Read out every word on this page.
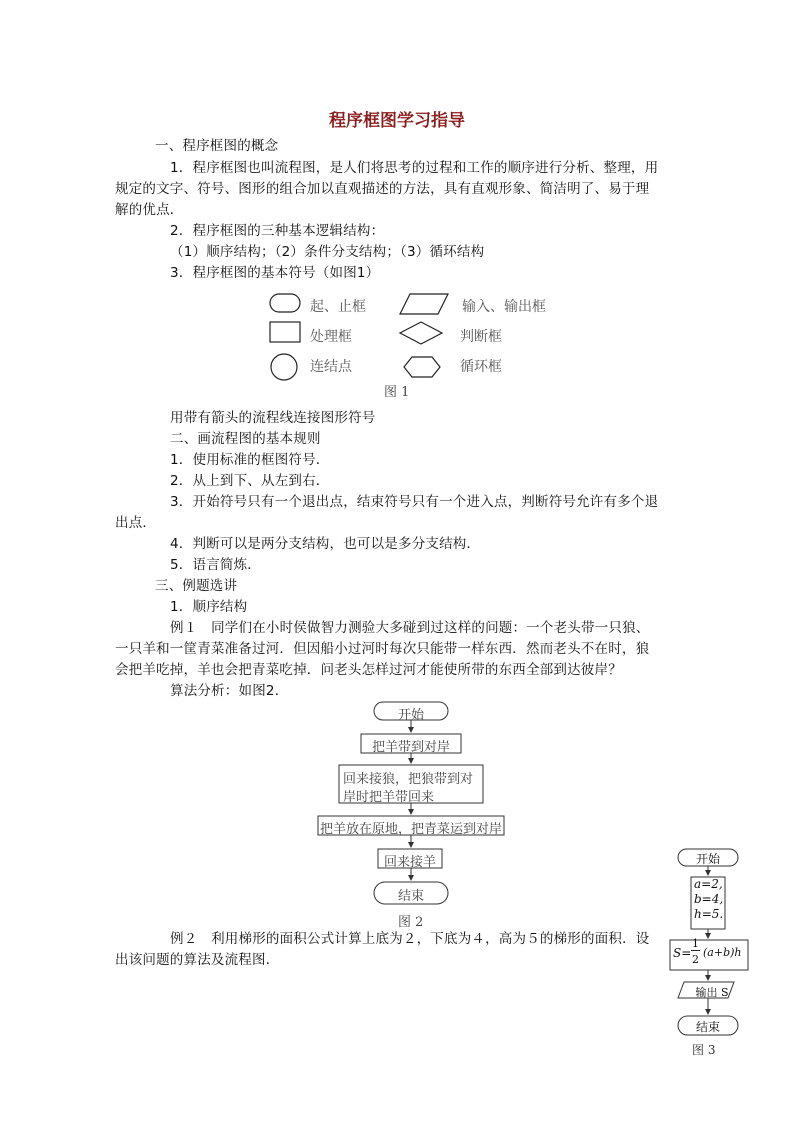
程序框图学习指导
一、程序框图的概念
1．程序框图也叫流程图，是人们将思考的过程和工作的顺序进行分析、整理，用
规定的文字、符号、图形的组合加以直观描述的方法，具有直观形象、简洁明了、易于理
解的优点．
2．程序框图的三种基本逻辑结构：
（1）顺序结构；（2）条件分支结构；（3）循环结构
3．程序框图的基本符号（如图1）
起、止框	输入、输出框
处理框	判断框
连结点	循环框
图 1
用带有箭头的流程线连接图形符号
二、画流程图的基本规则
1．使用标准的框图符号．
2．从上到下、从左到右．
3．开始符号只有一个退出点，结束符号只有一个进入点，判断符号允许有多个退
出点．
4．判断可以是两分支结构，也可以是多分支结构．
5．语言简炼．
三、例题选讲
1．顺序结构
例１　同学们在小时侯做智力测验大多碰到过这样的问题：一个老头带一只狼、
一只羊和一筐青菜准备过河．但因船小过河时每次只能带一样东西．然而老头不在时，狼
会把羊吃掉，羊也会把青菜吃掉．问老头怎样过河才能使所带的东西全部到达彼岸？
算法分析：如图2．
开始
把羊带到对岸
回来接狼，把狼带到对
岸时把羊带回来
把羊放在原地，把青菜运到对岸
回来接羊
结束
图 2
例２　利用梯形的面积公式计算上底为２，下底为４，高为５的梯形的面积．设
出该问题的算法及流程图．
开始
a=2,
b=4,
h=5.
S=
1
2
(a+b)h
输出 S
结束
图 3
